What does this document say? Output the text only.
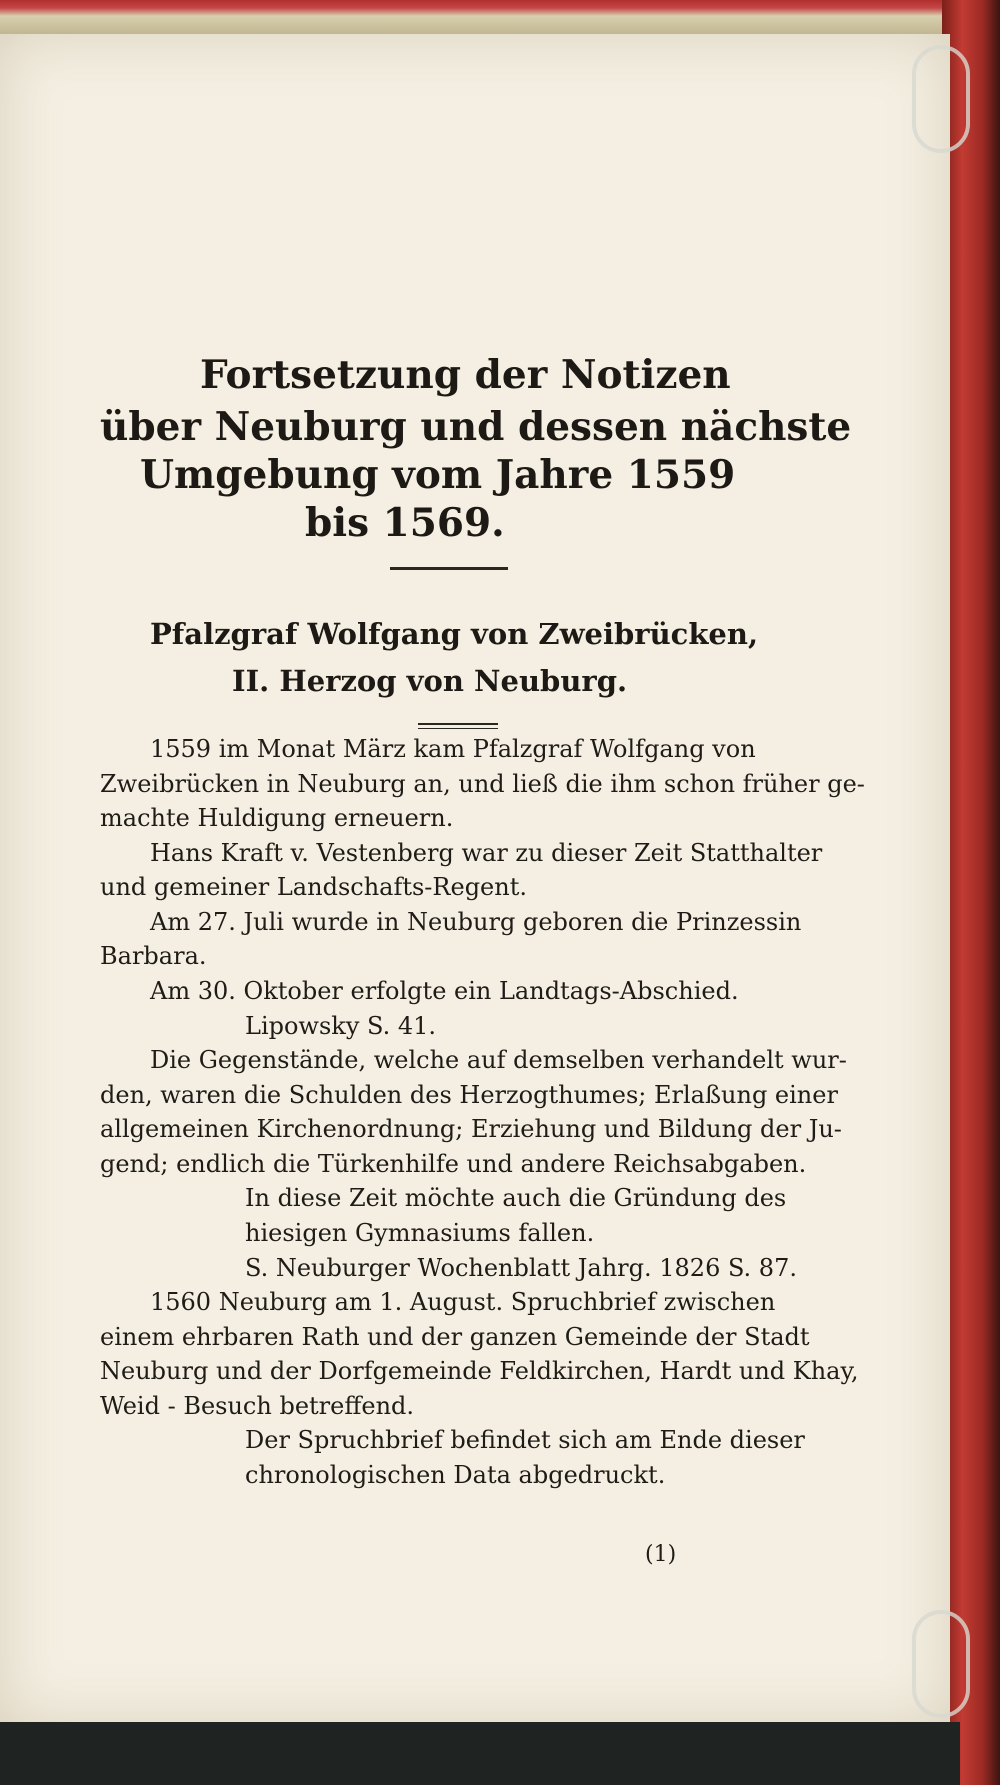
Fortsetzung der Notizen
über Neuburg und dessen nächste
Umgebung vom Jahre 1559
bis 1569.
Pfalzgraf Wolfgang von Zweibrücken,
II. Herzog von Neuburg.

1559 im Monat März kam Pfalzgraf Wolfgang von

Zweibrücken in Neuburg an, und ließ die ihm schon früher ge-

machte Huldigung erneuern.

Hans Kraft v. Vestenberg war zu dieser Zeit Statthalter

und gemeiner Landschafts-Regent.

Am 27. Juli wurde in Neuburg geboren die Prinzessin

Barbara.

Am 30. Oktober erfolgte ein Landtags-Abschied.

Lipowsky S. 41.

Die Gegenstände, welche auf demselben verhandelt wur-

den, waren die Schulden des Herzogthumes; Erlaßung einer

allgemeinen Kirchenordnung; Erziehung und Bildung der Ju-

gend; endlich die Türkenhilfe und andere Reichsabgaben.

In diese Zeit möchte auch die Gründung des

hiesigen Gymnasiums fallen.

S. Neuburger Wochenblatt Jahrg. 1826 S. 87.

1560 Neuburg am 1. August. Spruchbrief zwischen

einem ehrbaren Rath und der ganzen Gemeinde der Stadt

Neuburg und der Dorfgemeinde Feldkirchen, Hardt und Khay,

Weid - Besuch betreffend.

Der Spruchbrief befindet sich am Ende dieser

chronologischen Data abgedruckt.

(1)
